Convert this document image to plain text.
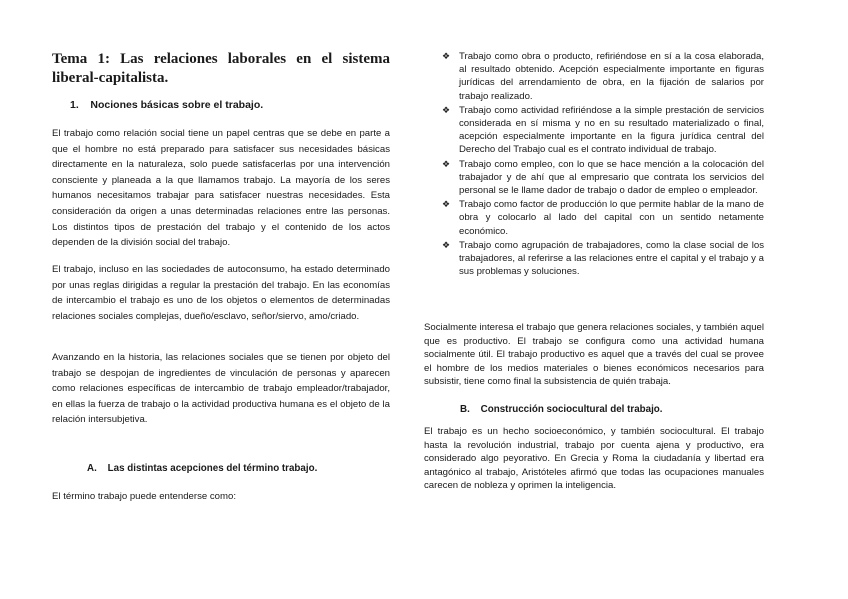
Tema 1: Las relaciones laborales en el sistema liberal-capitalista.
1.    Nociones básicas sobre el trabajo.

El trabajo como relación social tiene un papel centras que se debe en parte a que el hombre no está preparado para satisfacer sus necesidades básicas directamente en la naturaleza, solo puede satisfacerlas por una intervención consciente y planeada a la que llamamos trabajo. La mayoría de los seres humanos necesitamos trabajar para satisfacer nuestras necesidades. Esta consideración da origen a unas determinadas relaciones entre las personas. Los distintos tipos de prestación del trabajo y el contenido de los actos dependen de la división social del trabajo.

El trabajo, incluso en las sociedades de autoconsumo, ha estado determinado por unas reglas dirigidas a regular la prestación del trabajo. En las economías de intercambio el trabajo es uno de los objetos o elementos de determinadas relaciones sociales complejas, dueño/esclavo, señor/siervo, amo/criado.

Avanzando en la historia, las relaciones sociales que se tienen por objeto del trabajo se despojan de ingredientes de vinculación de personas y aparecen como relaciones específicas de intercambio de trabajo empleador/trabajador, en ellas la fuerza de trabajo o la actividad productiva humana es el objeto de la relación intersubjetiva.

A.    Las distintas acepciones del término trabajo.

El término trabajo puede entenderse como:

❖ Trabajo como obra o producto, refiriéndose en sí a la cosa elaborada, al resultado obtenido. Acepción especialmente importante en figuras jurídicas del arrendamiento de obra, en la fijación de salarios por trabajo realizado.
❖ Trabajo como actividad refiriéndose a la simple prestación de servicios considerada en sí misma y no en su resultado materializado o final, acepción especialmente importante en la figura jurídica central del Derecho del Trabajo cual es el contrato individual de trabajo.
❖ Trabajo como empleo, con lo que se hace mención a la colocación del trabajador y de ahí que al empresario que contrata los servicios del personal se le llame dador de trabajo o dador de empleo o empleador.
❖ Trabajo como factor de producción lo que permite hablar de la mano de obra y colocarlo al lado del capital con un sentido netamente económico.
❖ Trabajo como agrupación de trabajadores, como la clase social de los trabajadores, al referirse a las relaciones entre el capital y el trabajo y a sus problemas y soluciones.

Socialmente interesa el trabajo que genera relaciones sociales, y también aquel que es productivo. El trabajo se configura como una actividad humana socialmente útil. El trabajo productivo es aquel que a través del cual se provee el hombre de los medios materiales o bienes económicos necesarios para subsistir, tiene como final la subsistencia de quién trabaja.

B.    Construcción sociocultural del trabajo.

El trabajo es un hecho socioeconómico, y también sociocultural. El trabajo hasta la revolución industrial, trabajo por cuenta ajena y productivo, era considerado algo peyorativo. En Grecia y Roma la ciudadanía y libertad era antagónico al trabajo, Aristóteles afirmó que todas las ocupaciones manuales carecen de nobleza y oprimen la inteligencia.
